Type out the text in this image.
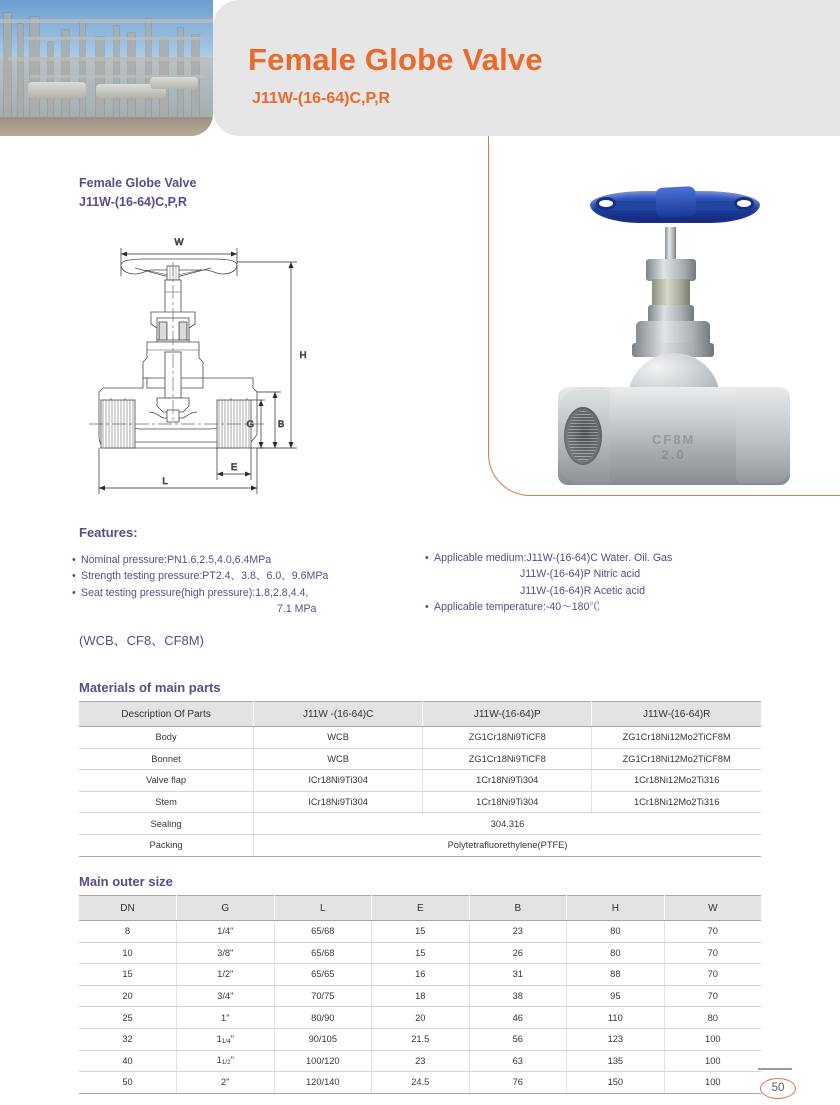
Female Globe Valve
J11W-(16-64)C,P,R
CF8M
2.0
Female Globe Valve
J11W-(16-64)C,P,R
W
H
B
G
E
L
Features:
• Nominal pressure:PN1.6,2.5,4.0,6.4MPa
• Strength testing pressure:PT2.4、3.8、6.0、9.6MPa
• Seat testing pressure(high pressure):1.8,2.8,4.4,
7.1 MPa
• Applicable medium:J11W-(16-64)C Water. Oil. Gas
J11W-(16-64)P Nitric acid
J11W-(16-64)R Acetic acid
• Applicable temperature:-40～180℃
(WCB、CF8、CF8M)
Materials of main parts
Description Of Parts	J11W -(16-64)C	J11W-(16-64)P	J11W-(16-64)R
Body	WCB	ZG1Cr18Ni9TiCF8	ZG1Cr18Ni12Mo2TiCF8M
Bonnet	WCB	ZG1Cr18Ni9TiCF8	ZG1Cr18Ni12Mo2TiCF8M
Valve flap	ICr18Ni9Ti304	1Cr18Ni9Ti304	1Cr18Ni12Mo2Ti316
Stem	ICr18Ni9Ti304	1Cr18Ni9Ti304	1Cr18Ni12Mo2Ti316
Sealing	304.316		
Packing	Polytetrafluorethylene(PTFE)		
Main outer size
DN	G	L	E	B	H	W
8	1/4"	65/68	15	23	80	70
10	3/8"	65/68	15	26	80	70
15	1/2"	65/65	16	31	88	70
20	3/4"	70/75	18	38	95	70
25	1"	80/90	20	46	110	80
32	$1_{1/4}$"	90/105	21.5	56	123	100
40	$1_{1/2}$"	100/120	23	63	135	100
50	2"	120/140	24.5	76	150	100	50
